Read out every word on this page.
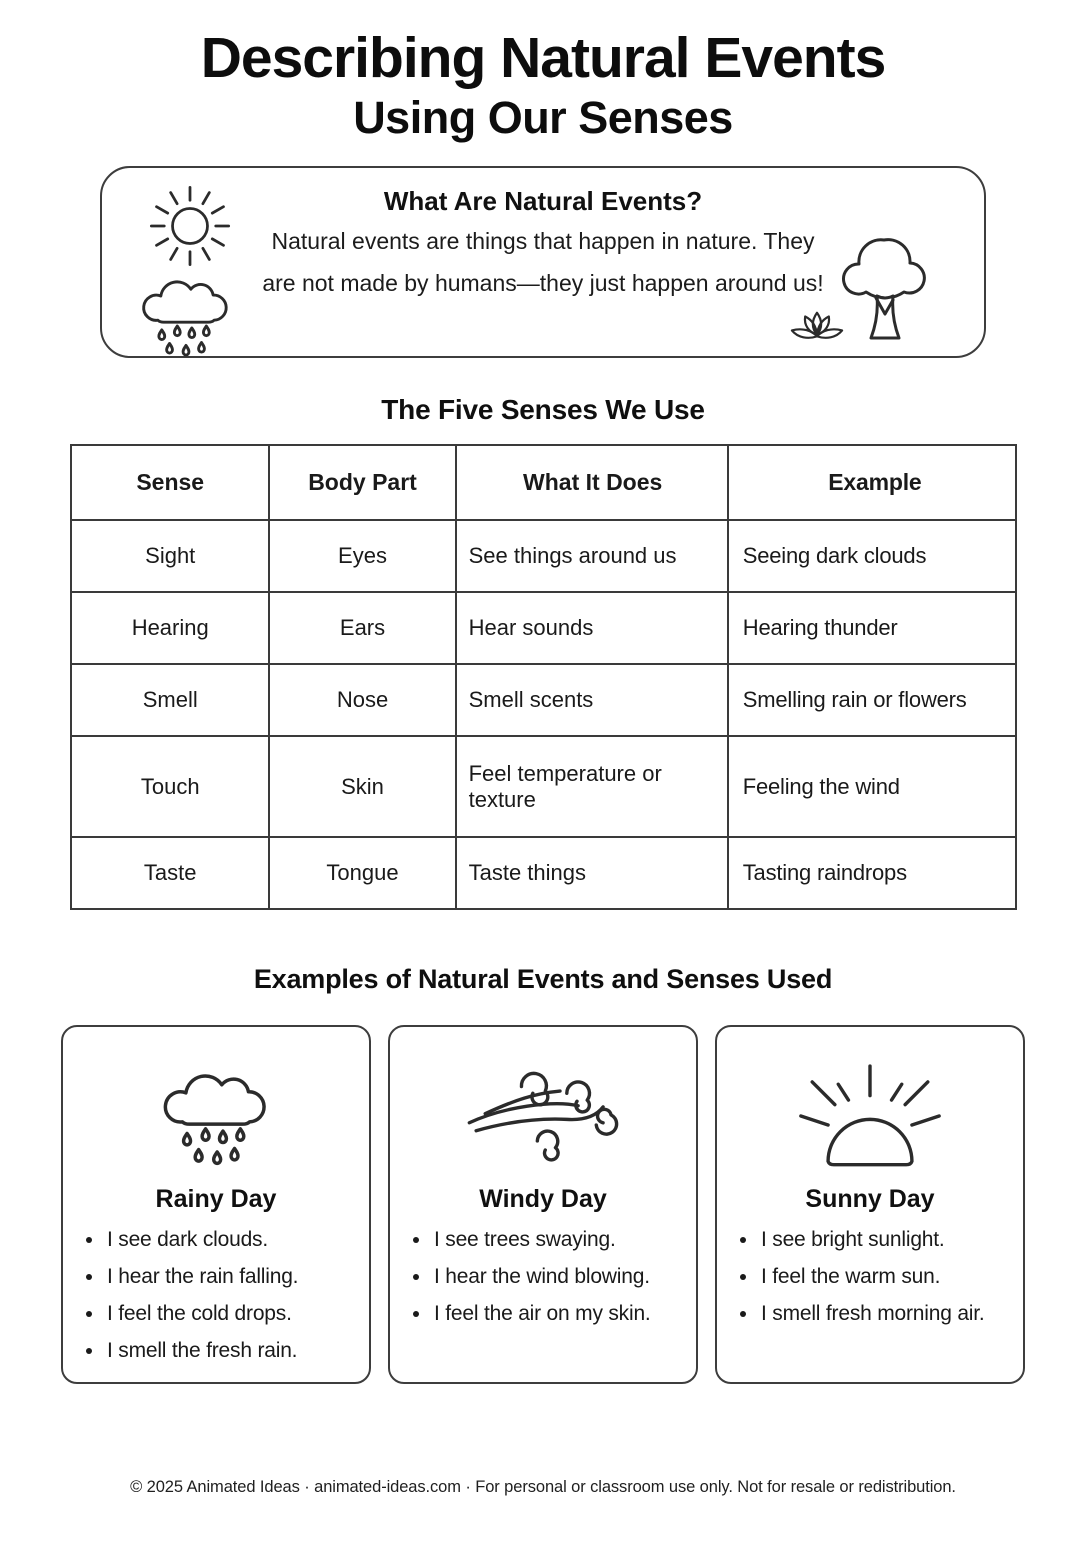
Describing Natural Events
Using Our Senses
What Are Natural Events?

Natural events are things that happen in nature. They are not made by humans—they just happen around us!

The Five Senses We Use
Sense	Body Part	What It Does	Example
Sight	Eyes	See things around us	Seeing dark clouds
Hearing	Ears	Hear sounds	Hearing thunder
Smell	Nose	Smell scents	Smelling rain or flowers
Touch	Skin	Feel temperature or texture	Feeling the wind
Taste	Tongue	Taste things	Tasting raindrops
Examples of Natural Events and Senses Used
Rainy Day
• I see dark clouds.
• I hear the rain falling.
• I feel the cold drops.
• I smell the fresh rain.
Windy Day
• I see trees swaying.
• I hear the wind blowing.
• I feel the air on my skin.
Sunny Day
• I see bright sunlight.
• I feel the warm sun.
• I smell fresh morning air.
© 2025 Animated Ideas · animated-ideas.com · For personal or classroom use only. Not for resale or redistribution.
